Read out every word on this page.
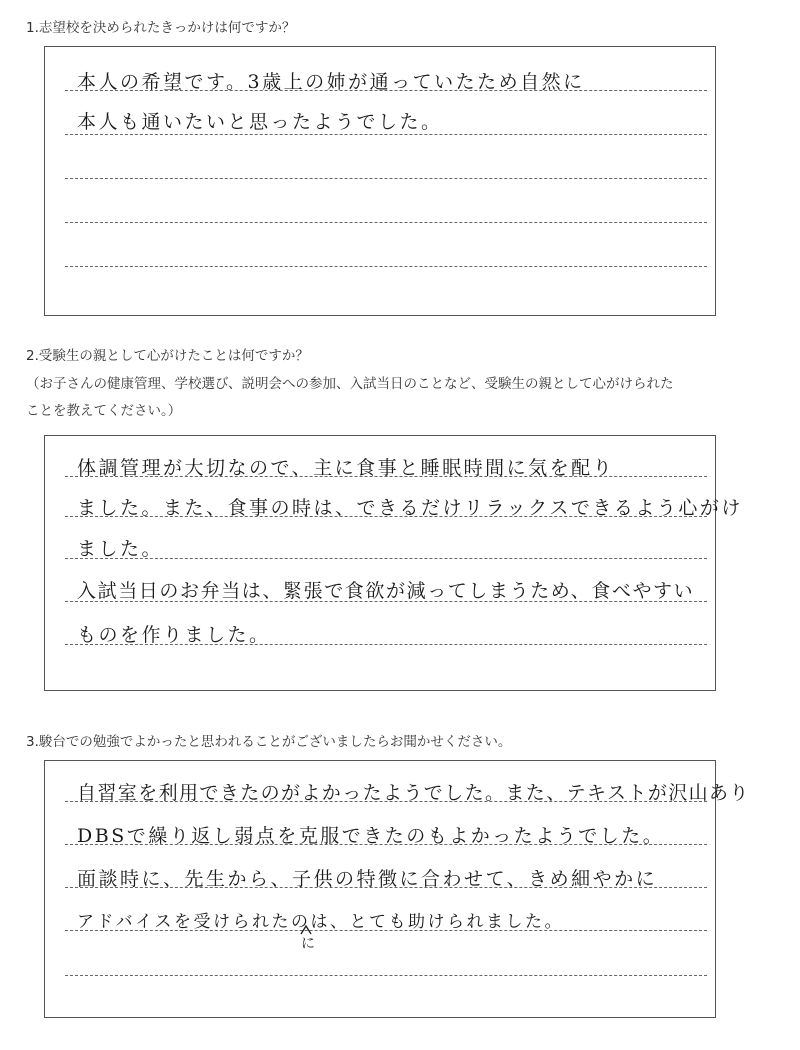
1.志望校を決められたきっかけは何ですか？
本人の希望です。3歳上の姉が通っていたため自然に
本人も通いたいと思ったようでした。
2.受験生の親として心がけたことは何ですか？
（お子さんの健康管理、学校選び、説明会への参加、入試当日のことなど、受験生の親として心がけられた
ことを教えてください。）
体調管理が大切なので、主に食事と睡眠時間に気を配り
ました。また、食事の時は、できるだけリラックスできるよう心がけ
ました。
入試当日のお弁当は、緊張で食欲が減ってしまうため、食べやすい
ものを作りました。
3.駿台での勉強でよかったと思われることがございましたらお聞かせください。
自習室を利用できたのがよかったようでした。また、テキストが沢山あり
DBSで繰り返し弱点を克服できたのもよかったようでした。
面談時に、先生から、子供の特徴に合わせて、きめ細やかに
アドバイスを受けられたのは、とても助けられました。
に
